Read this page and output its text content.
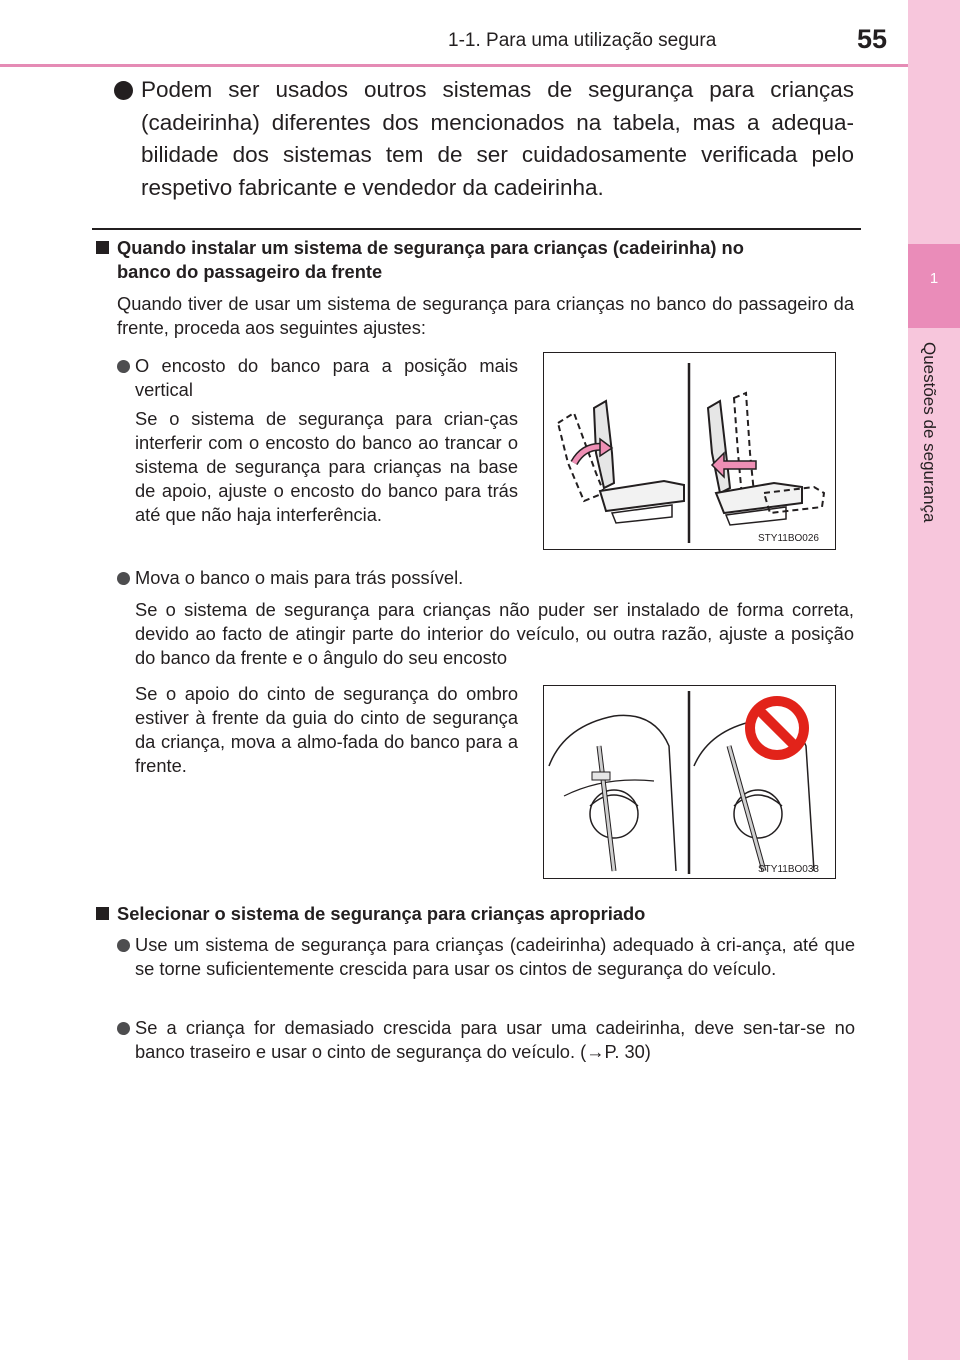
1-1. Para uma utilização segura	55
1
Questões de segurança
Podem ser usados outros sistemas de segurança para crianças (cadeirinha) diferentes dos mencionados na tabela, mas a adequa-bilidade dos sistemas tem de ser cuidadosamente verificada pelo respetivo fabricante e vendedor da cadeirinha.
Quando instalar um sistema de segurança para crianças (cadeirinha) no
banco do passageiro da frente
Quando tiver de usar um sistema de segurança para crianças no banco do passageiro da frente, proceda aos seguintes ajustes:
O encosto do banco para a posição mais vertical
Se o sistema de segurança para crian-ças interferir com o encosto do banco ao trancar o sistema de segurança para crianças na base de apoio, ajuste o encosto do banco para trás até que não haja interferência.
STY11BO026
Mova o banco o mais para trás possível.
Se o sistema de segurança para crianças não puder ser instalado de forma correta, devido ao facto de atingir parte do interior do veículo, ou outra razão, ajuste a posição do banco da frente e o ângulo do seu encosto
Se o apoio do cinto de segurança do ombro estiver à frente da guia do cinto de segurança da criança, mova a almo-fada do banco para a frente.
STY11BO033
Selecionar o sistema de segurança para crianças apropriado
Use um sistema de segurança para crianças (cadeirinha) adequado à cri-ança, até que se torne suficientemente crescida para usar os cintos de segurança do veículo.
Se a criança for demasiado crescida para usar uma cadeirinha, deve sen-tar-se no banco traseiro e usar o cinto de segurança do veículo. (→P. 30)
